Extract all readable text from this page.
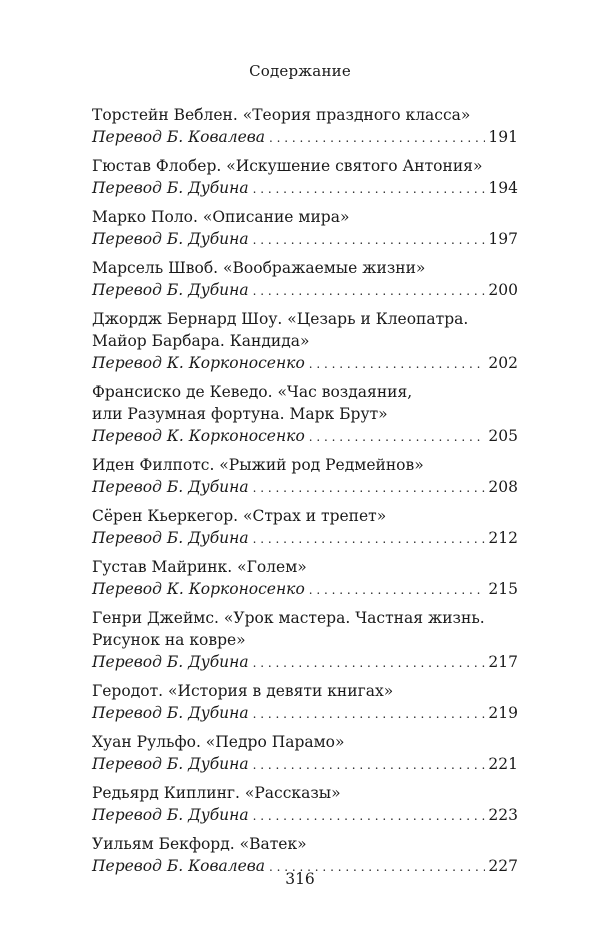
Содержание
Торстейн Веблен. «Теория праздного класса»
Перевод Б. Ковалева . . .	191
Гюстав Флобер. «Искушение святого Антония»
Перевод Б. Дубина . . .	194
Марко Поло. «Описание мира»
Перевод Б. Дубина . . .	197
Марсель Швоб. «Воображаемые жизни»
Перевод Б. Дубина . . .	200
Джордж Бернард Шоу. «Цезарь и Клеопатра.
Майор Барбара. Кандида»
Перевод К. Корконосенко . . .	202
Франсиско де Кеведо. «Час воздаяния,
или Разумная фортуна. Марк Брут»
Перевод К. Корконосенко . . .	205
Иден Филпотс. «Рыжий род Редмейнов»
Перевод Б. Дубина . . .	208
Сёрен Кьеркегор. «Страх и трепет»
Перевод Б. Дубина . . .	212
Густав Майринк. «Голем»
Перевод К. Корконосенко . . .	215
Генри Джеймс. «Урок мастера. Частная жизнь.
Рисунок на ковре»
Перевод Б. Дубина . . .	217
Геродот. «История в девяти книгах»
Перевод Б. Дубина . . .	219
Хуан Рульфо. «Педро Парамо»
Перевод Б. Дубина . . .	221
Редьярд Киплинг. «Рассказы»
Перевод Б. Дубина . . .	223
Уильям Бекфорд. «Ватек»
Перевод Б. Ковалева . . .	227
316
